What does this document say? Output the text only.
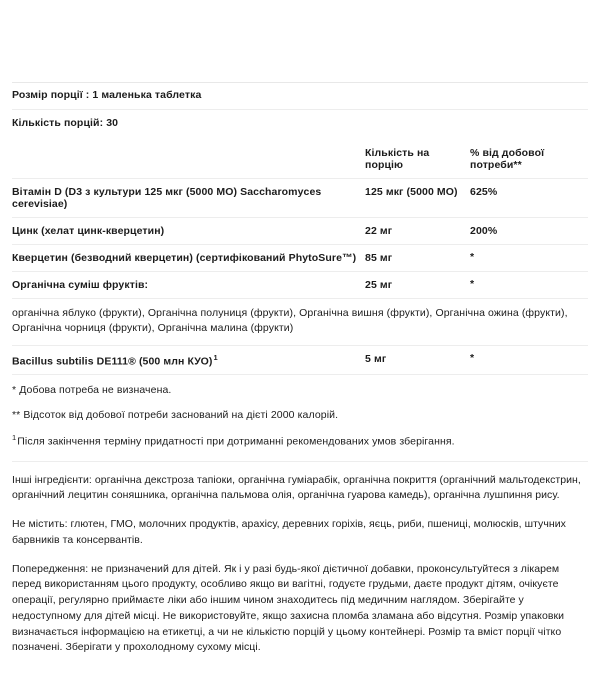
Розмір порції : 1 маленька таблетка
Кількість порцій: 30
	Кількість на порцію	% від добової потреби**
Вітамін D (D3 з культури 125 мкг (5000 МО) Saccharomyces cerevisiae)	125 мкг (5000 МО)	625%
Цинк (хелат цинк-кверцетин)	22 мг	200%
Кверцетин (безводний кверцетин) (сертифікований PhytoSure™)	85 мг	*
Органічна суміш фруктів:	25 мг	*
органічна яблуко (фрукти), Органічна полуниця (фрукти), Органічна вишня (фрукти), Органічна ожина (фрукти), Органічна чорниця (фрукти), Органічна малина (фрукти)		
Bacillus subtilis DE111® (500 млн КУО)$^1$	5 мг	*
* Добова потреба не визначена.
** Відсоток від добової потреби заснований на дієті 2000 калорій.
$^1$Після закінчення терміну придатності при дотриманні рекомендованих умов зберігання.

Інші інгредієнти: органічна декстроза тапіоки, органічна гуміарабік, органічна покриття (органічний мальтодекстрин, органічний лецитин соняшника, органічна пальмова олія, органічна гуарова камедь), органічна лушпиння рису.

Не містить: глютен, ГМО, молочних продуктів, арахісу, деревних горіхів, яєць, риби, пшениці, молюсків, штучних барвників та консервантів.

Попередження: не призначений для дітей. Як і у разі будь-якої дієтичної добавки, проконсультуйтеся з лікарем перед використанням цього продукту, особливо якщо ви вагітні, годуєте грудьми, даєте продукт дітям, очікуєте операції, регулярно приймаєте ліки або іншим чином знаходитесь під медичним наглядом. Зберігайте у недоступному для дітей місці. Не використовуйте, якщо захисна пломба зламана або відсутня. Розмір упаковки визначається інформацією на етикетці, а чи не кількістю порцій у цьому контейнері. Розмір та вміст порції чітко позначені. Зберігати у прохолодному сухому місці.
